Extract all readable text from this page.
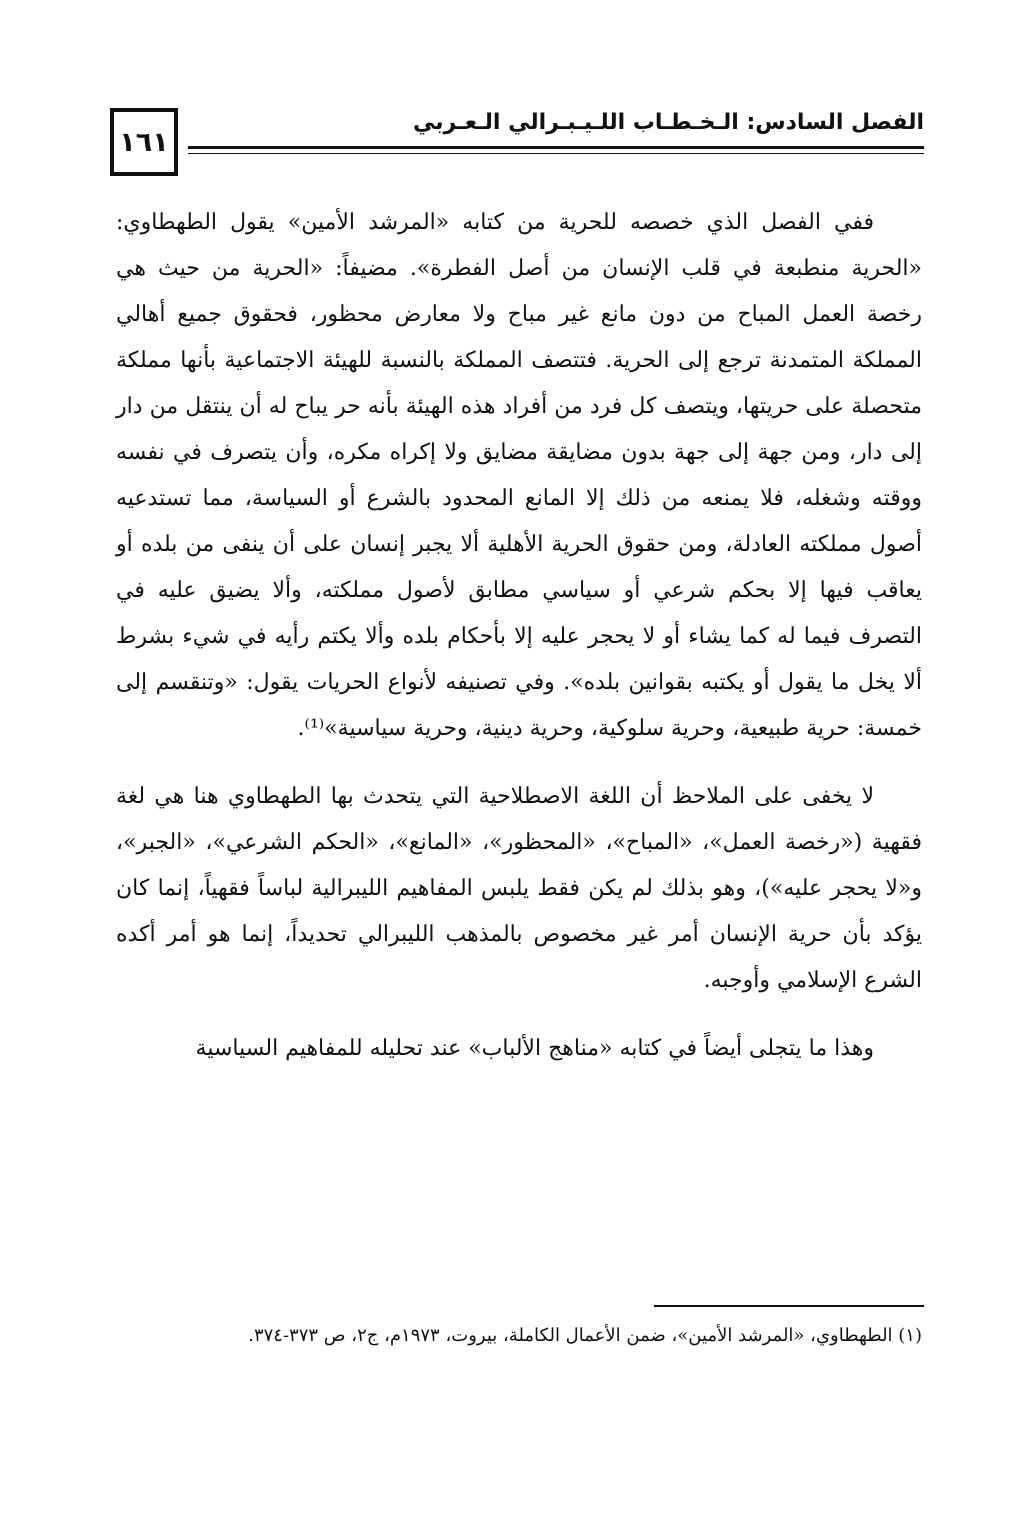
الفصل السادس: الـخـطـاب اللـيـبـرالي الـعـربي
١٦١

ففي الفصل الذي خصصه للحرية من كتابه «المرشد الأمين» يقول الطهطاوي: «الحرية منطبعة في قلب الإنسان من أصل الفطرة». مضيفاً: «الحرية من حيث هي رخصة العمل المباح من دون مانع غير مباح ولا معارض محظور، فحقوق جميع أهالي المملكة المتمدنة ترجع إلى الحرية. فتتصف المملكة بالنسبة للهيئة الاجتماعية بأنها مملكة متحصلة على حريتها، ويتصف كل فرد من أفراد هذه الهيئة بأنه حر يباح له أن ينتقل من دار إلى دار، ومن جهة إلى جهة بدون مضايقة مضايق ولا إكراه مكره، وأن يتصرف في نفسه ووقته وشغله، فلا يمنعه من ذلك إلا المانع المحدود بالشرع أو السياسة، مما تستدعيه أصول مملكته العادلة، ومن حقوق الحرية الأهلية ألا يجبر إنسان على أن ينفى من بلده أو يعاقب فيها إلا بحكم شرعي أو سياسي مطابق لأصول مملكته، وألا يضيق عليه في التصرف فيما له كما يشاء أو لا يحجر عليه إلا بأحكام بلده وألا يكتم رأيه في شيء بشرط ألا يخل ما يقول أو يكتبه بقوانين بلده». وفي تصنيفه لأنواع الحريات يقول: «وتنقسم إلى خمسة: حرية طبيعية، وحرية سلوكية، وحرية دينية، وحرية سياسية»⁽¹⁾.

لا يخفى على الملاحظ أن اللغة الاصطلاحية التي يتحدث بها الطهطاوي هنا هي لغة فقهية («رخصة العمل»، «المباح»، «المحظور»، «المانع»، «الحكم الشرعي»، «الجبر»، و«لا يحجر عليه»)، وهو بذلك لم يكن فقط يلبس المفاهيم الليبرالية لباساً فقهياً، إنما كان يؤكد بأن حرية الإنسان أمر غير مخصوص بالمذهب الليبرالي تحديداً، إنما هو أمر أكده الشرع الإسلامي وأوجبه.

وهذا ما يتجلى أيضاً في كتابه «مناهج الألباب» عند تحليله للمفاهيم السياسية

(١) الطهطاوي، «المرشد الأمين»، ضمن الأعمال الكاملة، بيروت، ١٩٧٣م، ج٢، ص ٣٧٣-٣٧٤.
